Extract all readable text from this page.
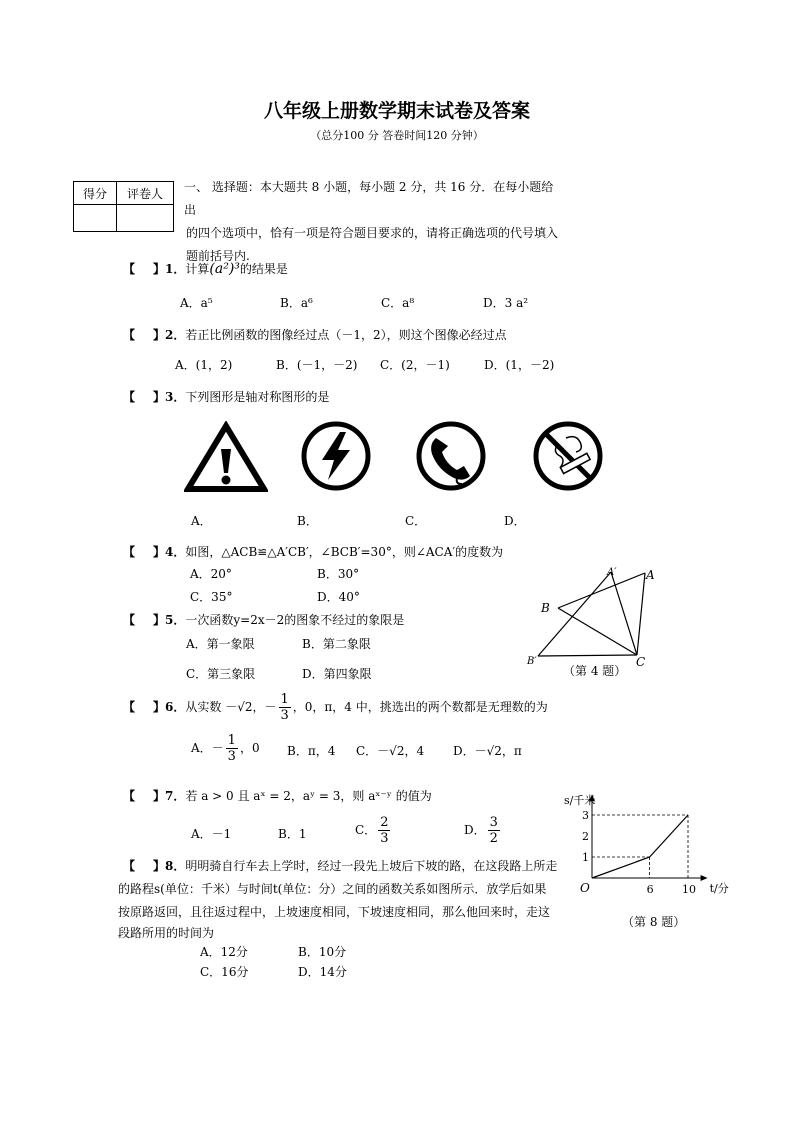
八年级上册数学期末试卷及答案
（总分100 分 答卷时间120 分钟）
得分	评卷人
	一、 选择题：本大题共 8 小题，每小题 2 分，共 16 分．在每小题给出
的四个选项中，恰有一项是符合题目要求的，请将正确选项的代号填入
题前括号内.
【 】1．计算(a²)³的结果是
A．a⁵	B．a⁶	C．a⁸	D．3 a²
【 】2．若正比例函数的图像经过点（－1，2），则这个图像必经过点
A．(1，2)	B．(－1，－2) C．(2，－1)	D．(1，－2)
【 】3．下列图形是轴对称图形的是
A．	B．	C．	D．
【 】4．如图，△ACB≌△A′CB′，∠BCB′=30°，则∠ACA′的度数为
A．20°	B．30°
C．35°	D．40°
A′ A
B
B′	C
（第 4 题）
【 】5．一次函数y=2x－2的图象不经过的象限是
A．第一象限	B．第二象限
C．第三象限	D．第四象限
【 】6．从实数 －√2，－ $\frac{1}{3}$ ，0，π，4 中，挑选出的两个数都是无理数的为
A．－ $\frac{1}{3}$ ，0 B．π，4 C．－√2，4 D．－√2，π
【 】7．若 a > 0 且 aˣ = 2，aʸ = 3，则 aˣ⁻ʸ 的值为
A．－1	B．1	C． $\frac{2}{3}$	D． $\frac{3}{2}$
【 】8．明明骑自行车去上学时，经过一段先上坡后下坡的路，在这段路上所走
的路程s(单位：千米）与时间t(单位：分）之间的函数关系如图所示．放学后如果
按原路返回，且往返过程中，上坡速度相同，下坡速度相同，那么他回来时，走这
段路所用的时间为
A．12分	B．10分
C．16分	D．14分
1
2
3
6	10
O
s/千米
t/分
（第 8 题）
